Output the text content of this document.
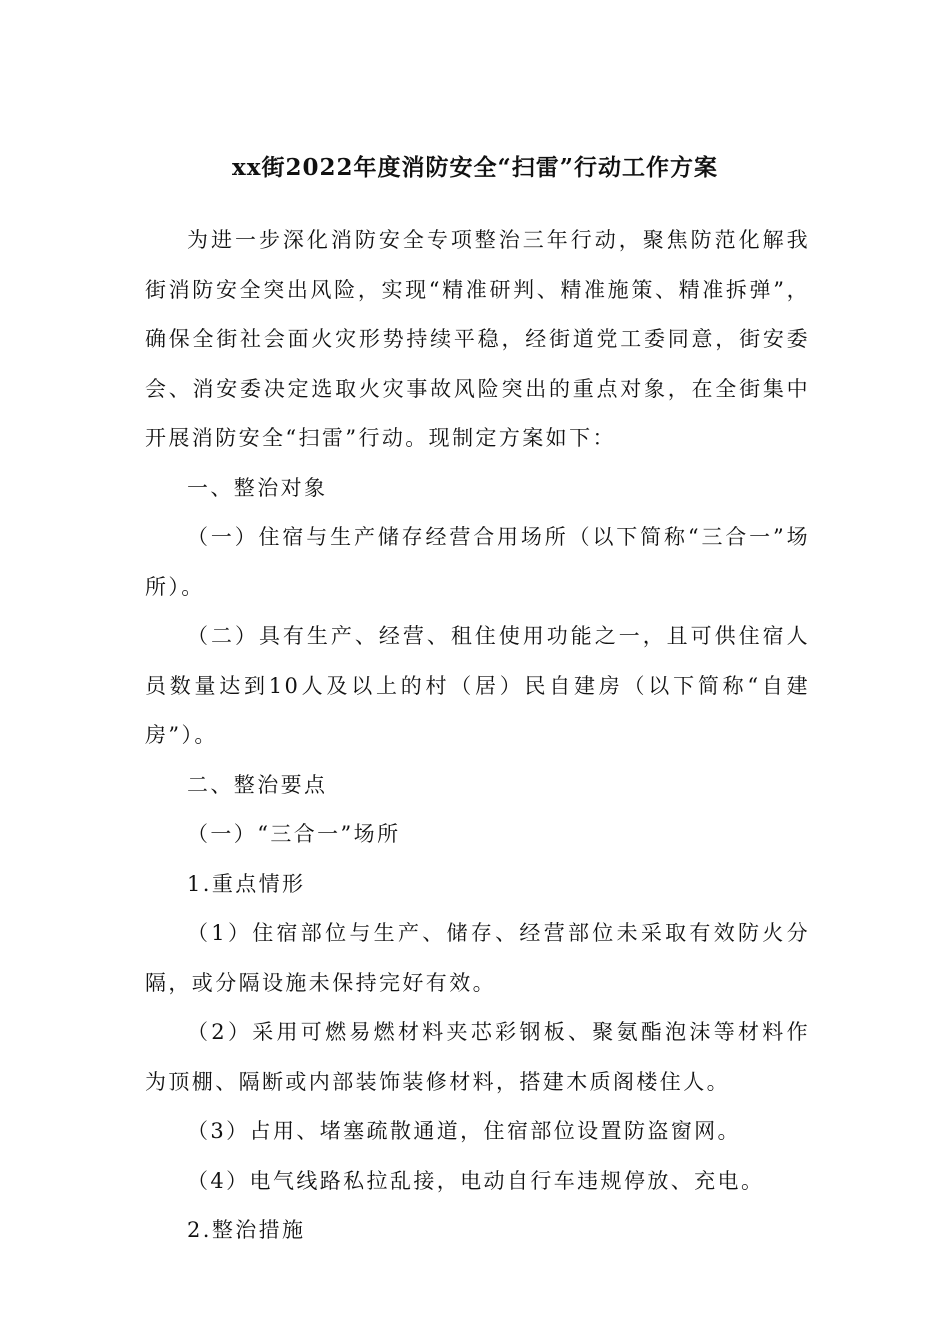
xx街2022年度消防安全“扫雷”行动工作方案

为进一步深化消防安全专项整治三年行动，聚焦防范化解我街消防安全突出风险，实现“精准研判、精准施策、精准拆弹”，确保全街社会面火灾形势持续平稳，经街道党工委同意，街安委会、消安委决定选取火灾事故风险突出的重点对象，在全街集中开展消防安全“扫雷”行动。现制定方案如下：

一、整治对象

（一）住宿与生产储存经营合用场所（以下简称“三合一”场所）。

（二）具有生产、经营、租住使用功能之一，且可供住宿人员数量达到10人及以上的村（居）民自建房（以下简称“自建房”）。

二、整治要点

（一）“三合一”场所

1.重点情形

（1）住宿部位与生产、储存、经营部位未采取有效防火分隔，或分隔设施未保持完好有效。

（2）采用可燃易燃材料夹芯彩钢板、聚氨酯泡沫等材料作为顶棚、隔断或内部装饰装修材料，搭建木质阁楼住人。

（3）占用、堵塞疏散通道，住宿部位设置防盗窗网。

（4）电气线路私拉乱接，电动自行车违规停放、充电。

2.整治措施
